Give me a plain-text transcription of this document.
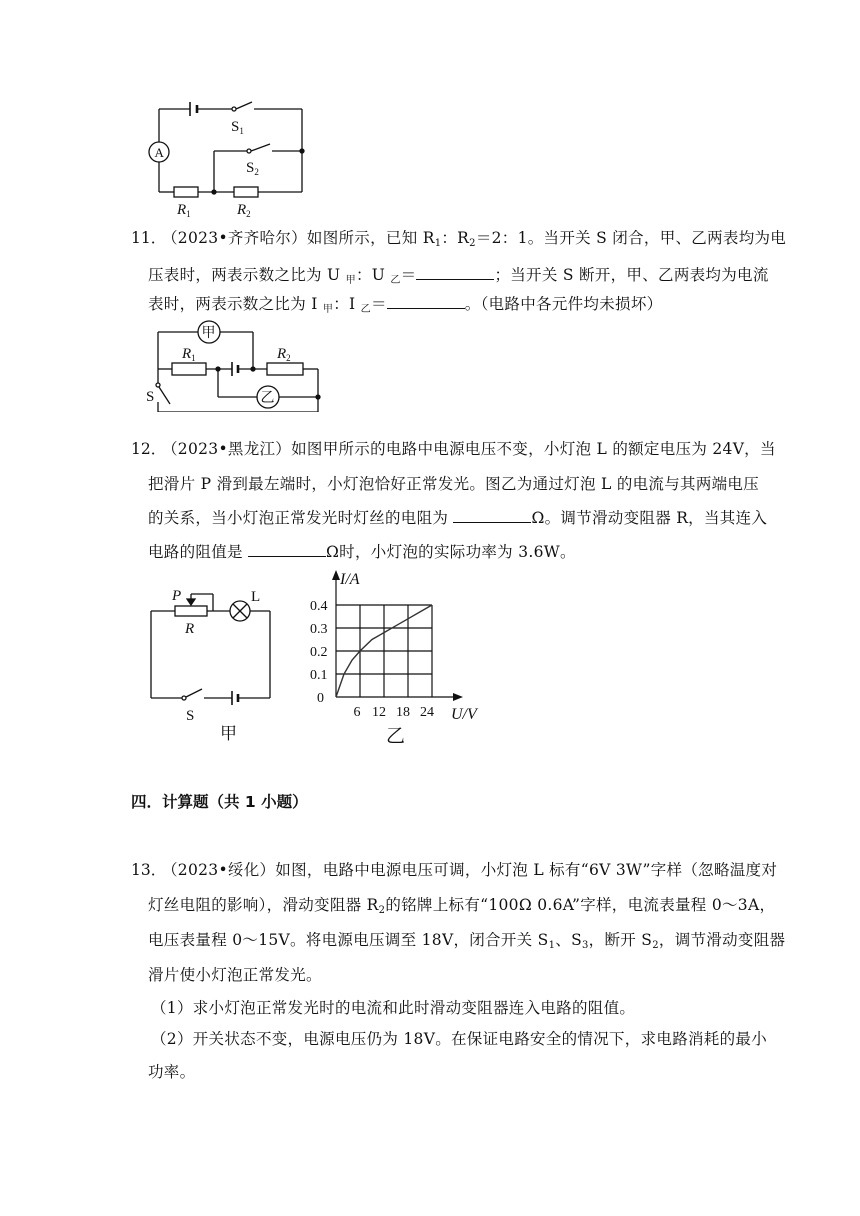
A
$S_1$
$S_2$
$R_1$	$R_2$
11．
（2023•齐齐哈尔）如图所示，已知 $R_1$：$R_2=2$：1。当开关 S 闭合，甲、乙两表均为电
压表时，两表示数之比为 U $_甲$：U $_乙$＝	；当开关 S 断开，甲、乙两表均为电流
表时，两表示数之比为 I $_甲$：I $_乙$＝	。（电路中各元件均未损坏）
甲
乙
$R_1$	$R_2$
S
12．
（2023•黑龙江）如图甲所示的电路中电源电压不变，小灯泡 L 的额定电压为 24V，当
把滑片 P 滑到最左端时，小灯泡恰好正常发光。图乙为通过灯泡 L 的电流与其两端电压
的关系，当小灯泡正常发光时灯丝的电阻为	Ω。调节滑动变阻器 R，当其连入
电路的阻值是	Ω时，小灯泡的实际功率为 3.6W。
P
R
L
S
甲
I/A
U/V
6 12 18 24
0
0.1
0.2
0.3
0.4
乙
四．计算题（共 1 小题）
13．
（2023•绥化）如图，电路中电源电压可调，小灯泡 L 标有“6V 3W”字样（忽略温度对
灯丝电阻的影响），滑动变阻器 $R_2$的铭牌上标有“100Ω 0.6A”字样，电流表量程 0～3A，
电压表量程 0～15V。将电源电压调至 18V，闭合开关 $S_1$、$S_3$，断开 $S_2$，调节滑动变阻器
滑片使小灯泡正常发光。
（1）求小灯泡正常发光时的电流和此时滑动变阻器连入电路的阻值。
（2）开关状态不变，电源电压仍为 18V。在保证电路安全的情况下，求电路消耗的最小
功率。
